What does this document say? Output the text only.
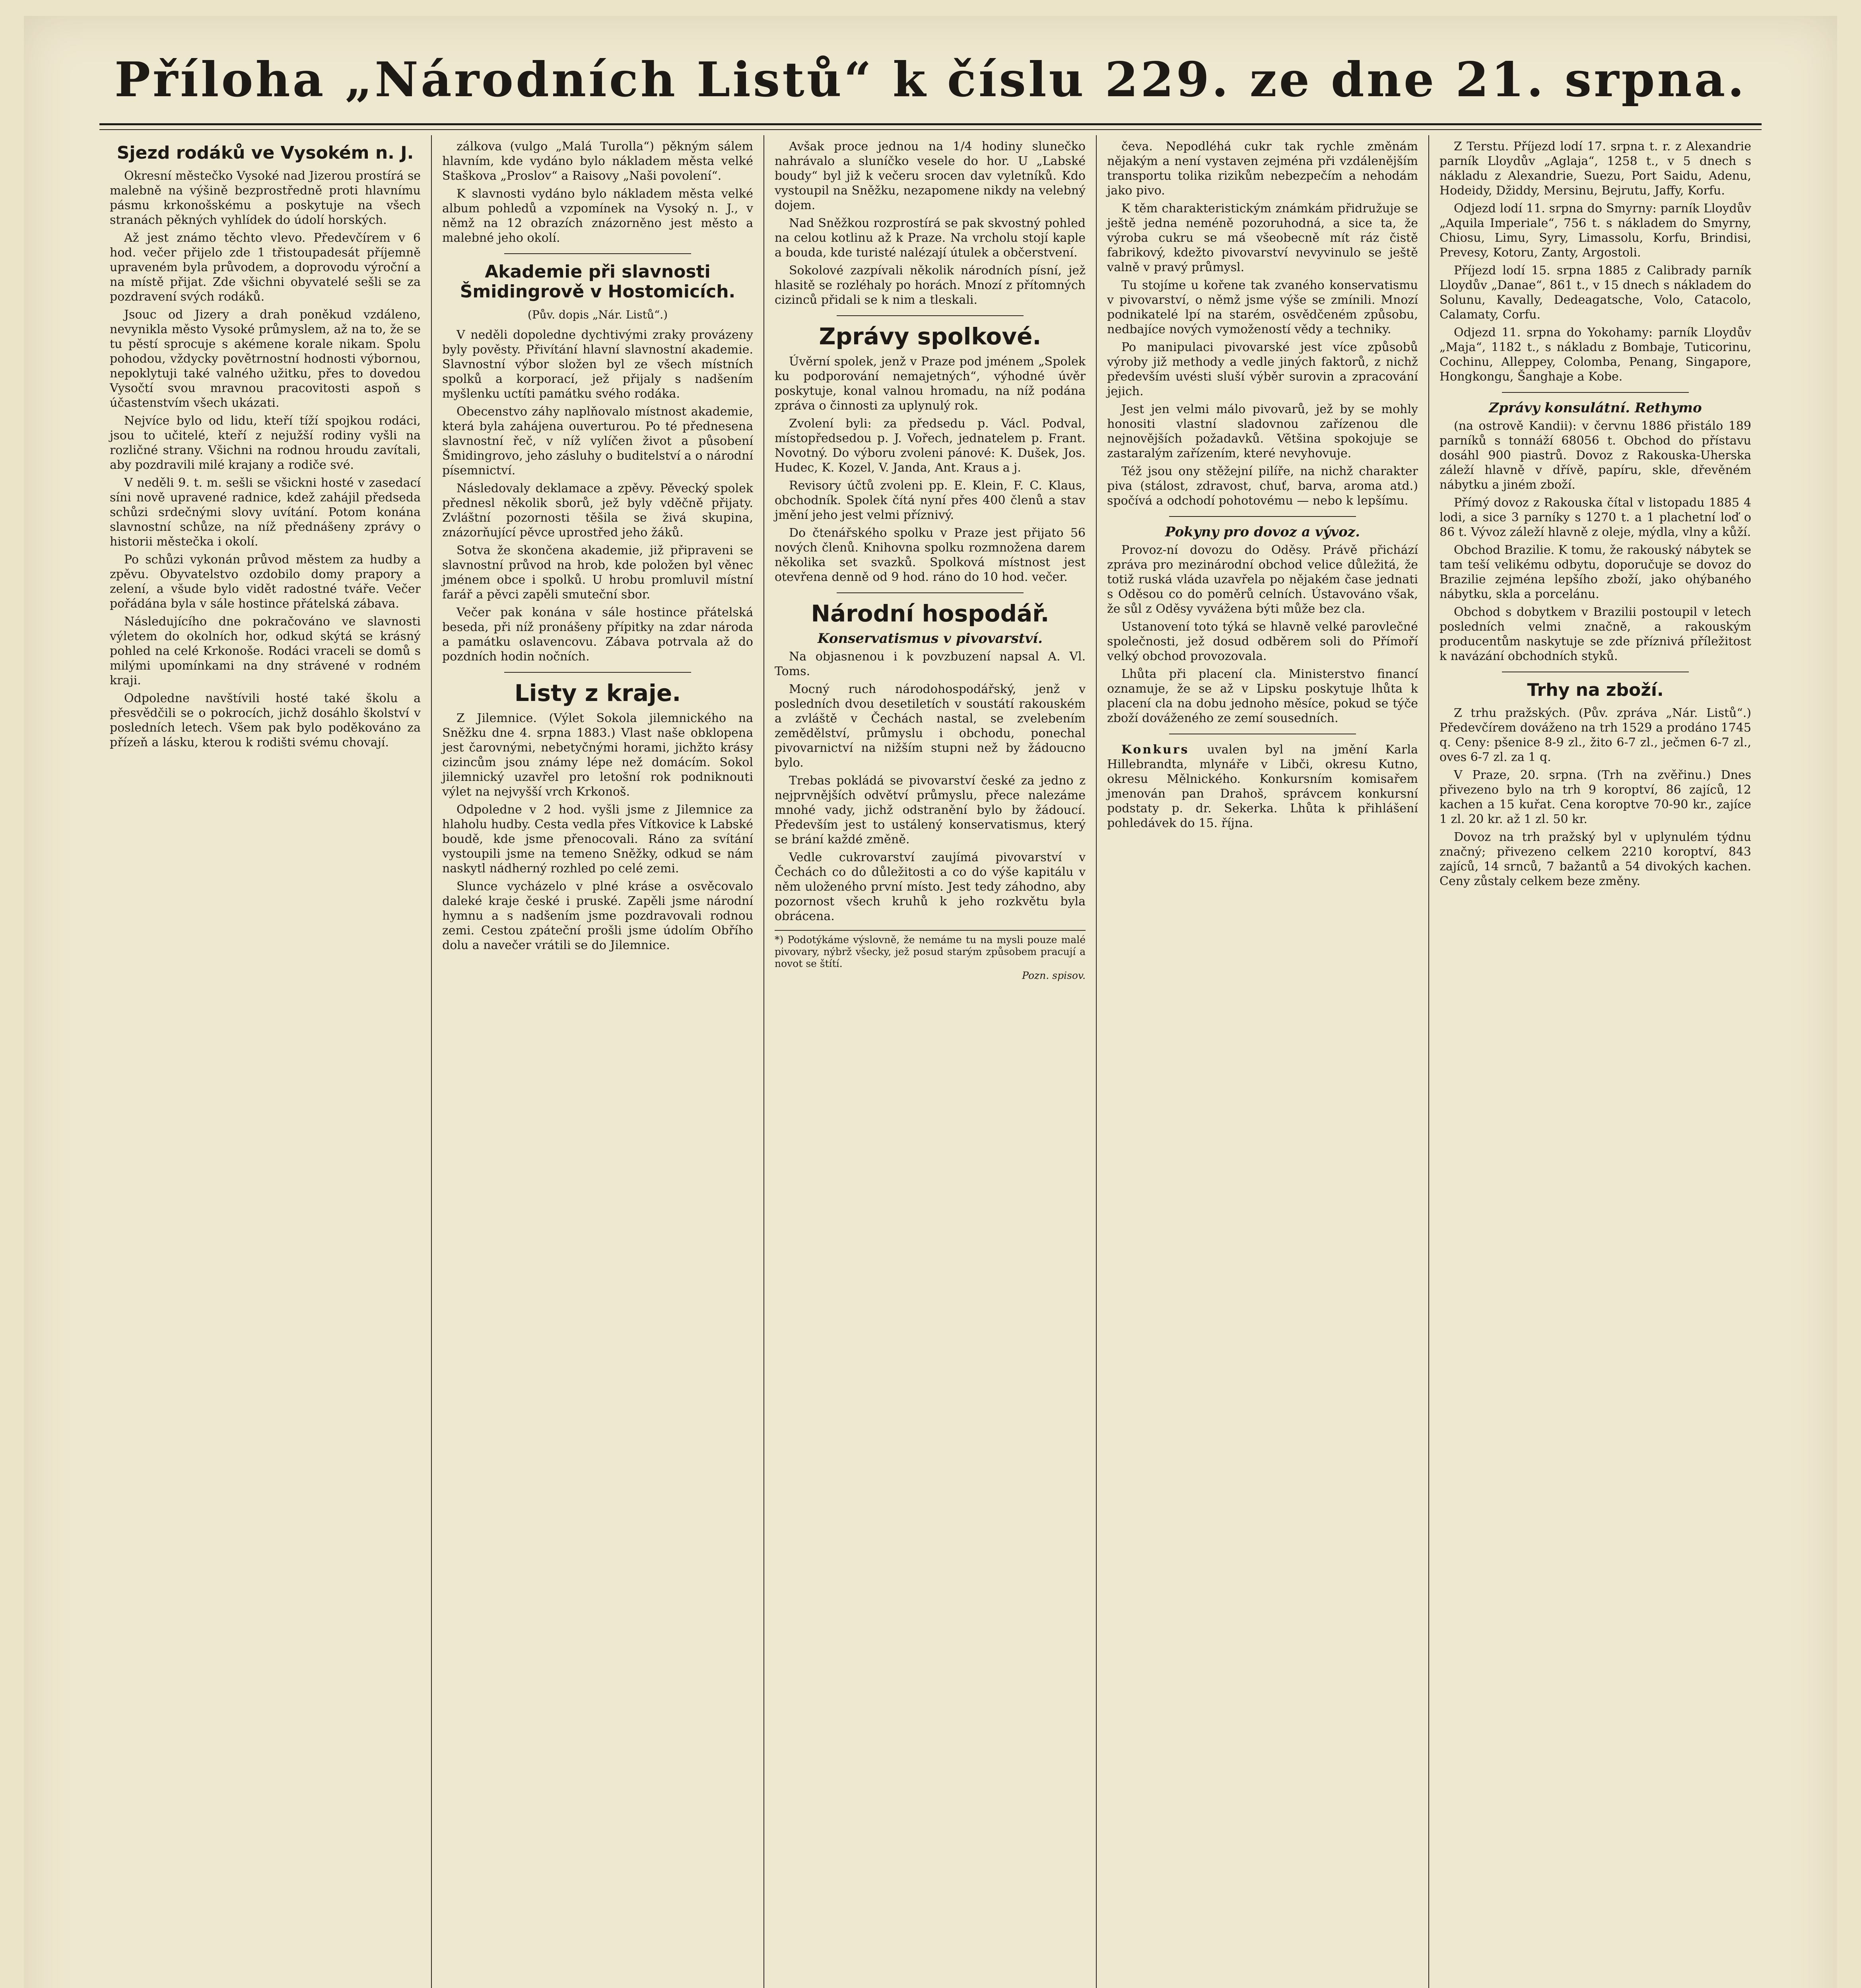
Příloha „Národních Listů“ k číslu 229. ze dne 21. srpna.
Sjezd rodáků ve Vysokém n. J.

Okresní městečko Vysoké nad Jizerou prostírá se malebně na výšině bezprostředně proti hlavnímu pásmu krkonošskému a poskytuje na všech stranách pěkných vyhlídek do údolí horských.

Až jest známo těchto vlevo. Předevčírem v 6 hod. večer přijelo zde 1 třistoupadesát příjemně upraveném byla průvodem, a doprovodu výroční a na místě přijat. Zde všichni obyvatelé sešli se za pozdravení svých rodáků.

Jsouc od Jizery a drah poněkud vzdáleno, nevynikla město Vysoké průmyslem, až na to, že se tu pěstí sprocuje s akémene korale nikam. Spolu pohodou, vždycky povětrnostní hodnosti výbornou, nepoklytuji také valného užitku, přes to dovedou Vysočtí svou mravnou pracovitosti aspoň s účastenstvím všech ukázati.

Nejvíce bylo od lidu, kteří tíží spojkou rodáci, jsou to učitelé, kteří z nejužší rodiny vyšli na rozličné strany. Všichni na rodnou hroudu zavítali, aby pozdravili milé krajany a rodiče své.

V neděli 9. t. m. sešli se všickni hosté v zasedací síni nově upravené radnice, kdež zahájil předseda schůzi srdečnými slovy uvítání. Potom konána slavnostní schůze, na níž přednášeny zprávy o historii městečka i okolí.

Po schůzi vykonán průvod městem za hudby a zpěvu. Obyvatelstvo ozdobilo domy prapory a zelení, a všude bylo vidět radostné tváře. Večer pořádána byla v sále hostince přátelská zábava.

Následujícího dne pokračováno ve slavnosti výletem do okolních hor, odkud skýtá se krásný pohled na celé Krkonoše. Rodáci vraceli se domů s milými upomínkami na dny strávené v rodném kraji.

Odpoledne navštívili hosté také školu a přesvědčili se o pokrocích, jichž dosáhlo školství v posledních letech. Všem pak bylo poděkováno za přízeň a lásku, kterou k rodišti svému chovají.

zálkova (vulgo „Malá Turolla“) pěkným sálem hlavním, kde vydáno bylo nákladem města velké Staškova „Proslov“ a Raisovy „Naši povolení“.

K slavnosti vydáno bylo nákladem města velké album pohledů a vzpomínek na Vysoký n. J., v němž na 12 obrazích znázorněno jest město a malebné jeho okolí.

Akademie při slavnosti Šmidingrově v Hostomicích.
(Pův. dopis „Nár. Listů“.)

V neděli dopoledne dychtivými zraky provázeny byly pověsty. Přivítání hlavní slavnostní akademie. Slavnostní výbor složen byl ze všech místních spolků a korporací, jež přijaly s nadšením myšlenku uctíti památku svého rodáka.

Obecenstvo záhy naplňovalo místnost akademie, která byla zahájena ouverturou. Po té přednesena slavnostní řeč, v níž vylíčen život a působení Šmidingrovo, jeho zásluhy o buditelství a o národní písemnictví.

Následovaly deklamace a zpěvy. Pěvecký spolek přednesl několik sborů, jež byly vděčně přijaty. Zvláštní pozornosti těšila se živá skupina, znázorňující pěvce uprostřed jeho žáků.

Sotva že skončena akademie, již připraveni se slavnostní průvod na hrob, kde položen byl věnec jménem obce i spolků. U hrobu promluvil místní farář a pěvci zapěli smuteční sbor.

Večer pak konána v sále hostince přátelská beseda, při níž pronášeny přípitky na zdar národa a památku oslavencovu. Zábava potrvala až do pozdních hodin nočních.

Listy z kraje.

Z Jilemnice. (Výlet Sokola jilemnického na Sněžku dne 4. srpna 1883.) Vlast naše obklopena jest čarovnými, nebetyčnými horami, jichžto krásy cizincům jsou známy lépe než domácím. Sokol jilemnický uzavřel pro letošní rok podniknouti výlet na nejvyšší vrch Krkonoš.

Odpoledne v 2 hod. vyšli jsme z Jilemnice za hlaholu hudby. Cesta vedla přes Vítkovice k Labské boudě, kde jsme přenocovali. Ráno za svítání vystoupili jsme na temeno Sněžky, odkud se nám naskytl nádherný rozhled po celé zemi.

Slunce vycházelo v plné kráse a osvěcovalo daleké kraje české i pruské. Zapěli jsme národní hymnu a s nadšením jsme pozdravovali rodnou zemi. Cestou zpáteční prošli jsme údolím Obřího dolu a navečer vrátili se do Jilemnice.

Avšak proce jednou na 1/4 hodiny slunečko nahrávalo a sluníčko vesele do hor. U „Labské boudy“ byl již k večeru srocen dav vyletníků. Kdo vystoupil na Sněžku, nezapomene nikdy na velebný dojem.

Nad Sněžkou rozprostírá se pak skvostný pohled na celou kotlinu až k Praze. Na vrcholu stojí kaple a bouda, kde turisté nalézají útulek a občerstvení.

Sokolové zazpívali několik národních písní, jež hlasitě se rozléhaly po horách. Mnozí z přítomných cizinců přidali se k nim a tleskali.

Zprávy spolkové.

Úvěrní spolek, jenž v Praze pod jménem „Spolek ku podporování nemajetných“, výhodné úvěr poskytuje, konal valnou hromadu, na níž podána zpráva o činnosti za uplynulý rok.

Zvolení byli: za předsedu p. Václ. Podval, místopředsedou p. J. Vořech, jednatelem p. Frant. Novotný. Do výboru zvoleni pánové: K. Dušek, Jos. Hudec, K. Kozel, V. Janda, Ant. Kraus a j.

Revisory účtů zvoleni pp. E. Klein, F. C. Klaus, obchodník. Spolek čítá nyní přes 400 členů a stav jmění jeho jest velmi příznivý.

Do čtenářského spolku v Praze jest přijato 56 nových členů. Knihovna spolku rozmnožena darem několika set svazků. Spolková místnost jest otevřena denně od 9 hod. ráno do 10 hod. večer.

Národní hospodář.
Konservatismus v pivovarství.

Na objasnenou i k povzbuzení napsal A. Vl. Toms.

Mocný ruch národohospodářský, jenž v posledních dvou desetiletích v soustátí rakouském a zvláště v Čechách nastal, se zvelebením zemědělství, průmyslu i obchodu, ponechal pivovarnictví na nižším stupni než by žádoucno bylo.

Trebas pokládá se pivovarství české za jedno z nejprvnějších odvětví průmyslu, přece nalezáme mnohé vady, jichž odstranění bylo by žádoucí. Především jest to ustálený konservatismus, který se brání každé změně.

Vedle cukrovarství zaujímá pivovarství v Čechách co do důležitosti a co do výše kapitálu v něm uloženého první místo. Jest tedy záhodno, aby pozornost všech kruhů k jeho rozkvětu byla obrácena.

*) Podotýkáme výslovně, že nemáme tu na mysli pouze malé pivovary, nýbrž všecky, jež posud starým způsobem pracují a novot se štítí.
Pozn. spisov.

čeva. Nepodléhá cukr tak rychle změnám nějakým a není vystaven zejména při vzdálenějším transportu tolika rizikům nebezpečím a nehodám jako pivo.

K těm charakteristickým známkám přidružuje se ještě jedna neméně pozoruhodná, a sice ta, že výroba cukru se má všeobecně mít ráz čistě fabrikový, kdežto pivovarství nevyvinulo se ještě valně v pravý průmysl.

Tu stojíme u kořene tak zvaného konservatismu v pivovarství, o němž jsme výše se zmínili. Mnozí podnikatelé lpí na starém, osvědčeném způsobu, nedbajíce nových vymožeností vědy a techniky.

Po manipulaci pivovarské jest více způsobů výroby již methody a vedle jiných faktorů, z nichž především uvésti sluší výběr surovin a zpracování jejich.

Jest jen velmi málo pivovarů, jež by se mohly honositi vlastní sladovnou zařízenou dle nejnovějších požadavků. Většina spokojuje se zastaralým zařízením, které nevyhovuje.

Též jsou ony stěžejní pilíře, na nichž charakter piva (stálost, zdravost, chuť, barva, aroma atd.) spočívá a odchodí pohotovému — nebo k lepšímu.

Pokyny pro dovoz a vývoz.

Provoz-ní dovozu do Oděsy. Právě přichází zpráva pro mezinárodní obchod velice důležitá, že totiž ruská vláda uzavřela po nějakém čase jednati s Oděsou co do poměrů celních. Ústavováno však, že sůl z Oděsy vyvážena býti může bez cla.

Ustanovení toto týká se hlavně velké parovlečné společnosti, jež dosud odběrem soli do Přímoří velký obchod provozovala.

Lhůta při placení cla. Ministerstvo financí oznamuje, že se až v Lipsku poskytuje lhůta k placení cla na dobu jednoho měsíce, pokud se týče zboží dováženého ze zemí sousedních.

Konkurs uvalen byl na jmění Karla Hillebrandta, mlynáře v Libči, okresu Kutno, okresu Mělnického. Konkursním komisařem jmenován pan Drahoš, správcem konkursní podstaty p. dr. Sekerka. Lhůta k přihlášení pohledávek do 15. října.

Z Terstu. Příjezd lodí 17. srpna t. r. z Alexandrie parník Lloydův „Aglaja“, 1258 t., v 5 dnech s nákladu z Alexandrie, Suezu, Port Saidu, Adenu, Hodeidy, Džiddy, Mersinu, Bejrutu, Jaffy, Korfu.

Odjezd lodí 11. srpna do Smyrny: parník Lloydův „Aquila Imperiale“, 756 t. s nákladem do Smyrny, Chiosu, Limu, Syry, Limassolu, Korfu, Brindisi, Prevesy, Kotoru, Zanty, Argostoli.

Příjezd lodí 15. srpna 1885 z Calibrady parník Lloydův „Danae“, 861 t., v 15 dnech s nákladem do Solunu, Kavally, Dedeagatsche, Volo, Catacolo, Calamaty, Corfu.

Odjezd 11. srpna do Yokohamy: parník Lloydův „Maja“, 1182 t., s nákladu z Bombaje, Tuticorinu, Cochinu, Alleppey, Colomba, Penang, Singapore, Hongkongu, Šanghaje a Kobe.

Zprávy konsulátní. Rethymo

(na ostrově Kandii): v červnu 1886 přistálo 189 parníků s tonnáží 68056 t. Obchod do přístavu dosáhl 900 piastrů. Dovoz z Rakouska-Uherska záleží hlavně v dřívě, papíru, skle, dřevěném nábytku a jiném zboží.

Přímý dovoz z Rakouska čítal v listopadu 1885 4 lodi, a sice 3 parníky s 1270 t. a 1 plachetní loď o 86 t. Vývoz záleží hlavně z oleje, mýdla, vlny a kůží.

Obchod Brazilie. K tomu, že rakouský nábytek se tam teší velikému odbytu, doporučuje se dovoz do Brazilie zejména lepšího zboží, jako ohýbaného nábytku, skla a porcelánu.

Obchod s dobytkem v Brazilii postoupil v letech posledních velmi značně, a rakouským producentům naskytuje se zde příznivá příležitost k navázání obchodních styků.

Trhy na zboží.

Z trhu pražských. (Pův. zpráva „Nár. Listů“.) Předevčírem dováženo na trh 1529 a prodáno 1745 q. Ceny: pšenice 8-9 zl., žito 6-7 zl., ječmen 6-7 zl., oves 6-7 zl. za 1 q.

V Praze, 20. srpna. (Trh na zvěřinu.) Dnes přivezeno bylo na trh 9 koroptví, 86 zajíců, 12 kachen a 15 kuřat. Cena koroptve 70-90 kr., zajíce 1 zl. 20 kr. až 1 zl. 50 kr.

Dovoz na trh pražský byl v uplynulém týdnu značný; přivezeno celkem 2210 koroptví, 843 zajíců, 14 srnců, 7 bažantů a 54 divokých kachen. Ceny zůstaly celkem beze změny.
